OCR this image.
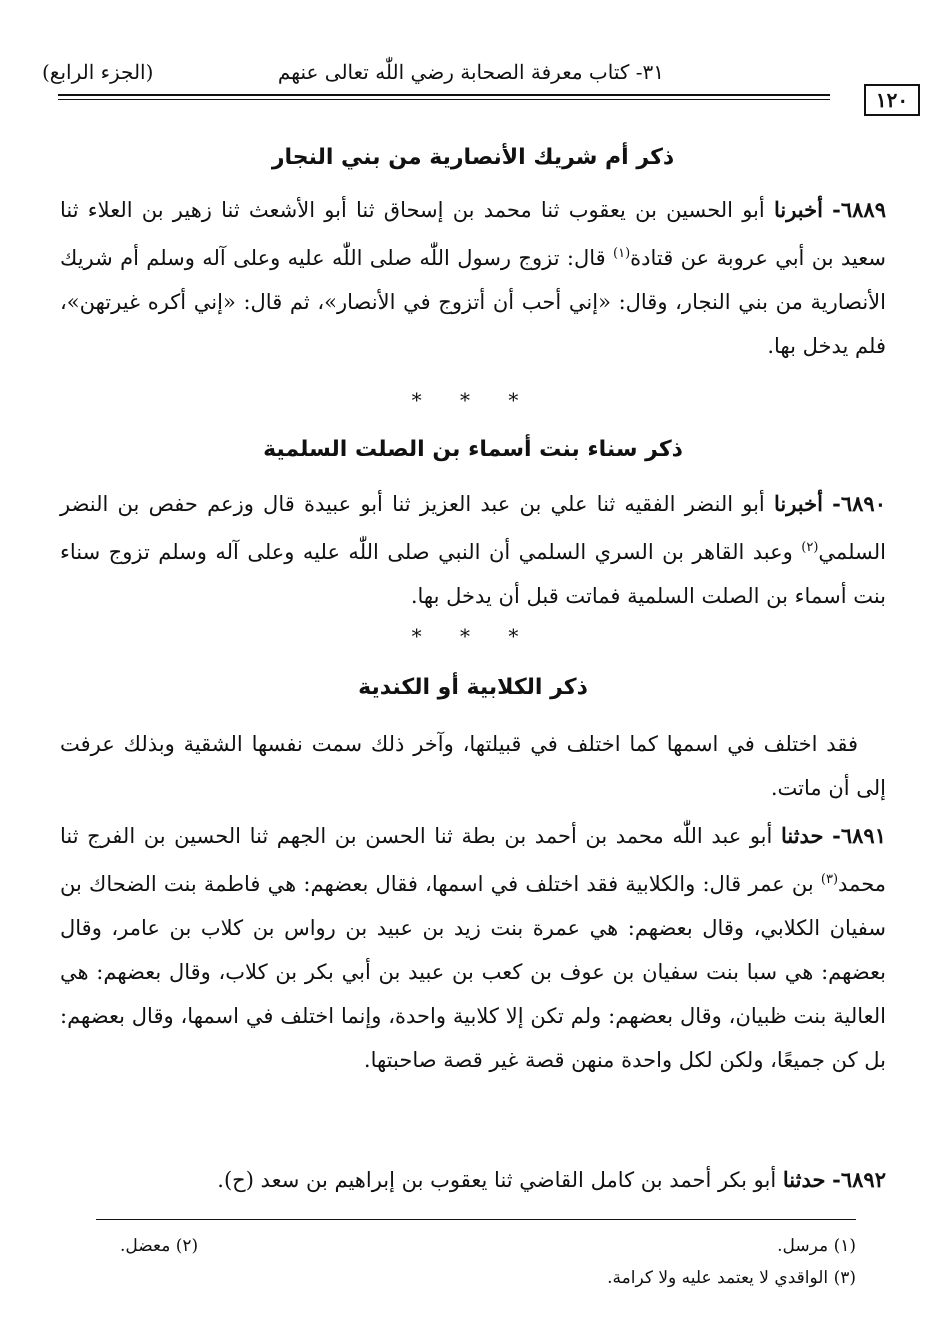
٣١- كتاب معرفة الصحابة رضي اللّٰه تعالى عنهم
(الجزء الرابع)
١٢٠

ذكر أم شريك الأنصارية من بني النجار

٦٨٨٩- أخبرنا أبو الحسين بن يعقوب ثنا محمد بن إسحاق ثنا أبو الأشعث ثنا زهير بن العلاء ثنا سعيد بن أبي عروبة عن قتادة$^{(١)}$ قال: تزوج رسول اللّٰه صلى اللّٰه عليه وعلى آله وسلم أم شريك الأنصارية من بني النجار، وقال: «إني أحب أن أتزوج في الأنصار»، ثم قال: «إني أكره غيرتهن»، فلم يدخل بها.

* * *

ذكر سناء بنت أسماء بن الصلت السلمية

٦٨٩٠- أخبرنا أبو النضر الفقيه ثنا علي بن عبد العزيز ثنا أبو عبيدة قال وزعم حفص بن النضر السلمي$^{(٢)}$ وعبد القاهر بن السري السلمي أن النبي صلى اللّٰه عليه وعلى آله وسلم تزوج سناء بنت أسماء بن الصلت السلمية فماتت قبل أن يدخل بها.

* * *

ذكر الكلابية أو الكندية

فقد اختلف في اسمها كما اختلف في قبيلتها، وآخر ذلك سمت نفسها الشقية وبذلك عرفت إلى أن ماتت.

٦٨٩١- حدثنا أبو عبد اللّٰه محمد بن أحمد بن بطة ثنا الحسن بن الجهم ثنا الحسين بن الفرج ثنا محمد$^{(٣)}$ بن عمر قال: والكلابية فقد اختلف في اسمها، فقال بعضهم: هي فاطمة بنت الضحاك بن سفيان الكلابي، وقال بعضهم: هي عمرة بنت زيد بن عبيد بن رواس بن كلاب بن عامر، وقال بعضهم: هي سبا بنت سفيان بن عوف بن كعب بن عبيد بن أبي بكر بن كلاب، وقال بعضهم: هي العالية بنت ظبيان، وقال بعضهم: ولم تكن إلا كلابية واحدة، وإنما اختلف في اسمها، وقال بعضهم: بل كن جميعًا، ولكن لكل واحدة منهن قصة غير قصة صاحبتها.

٦٨٩٢- حدثنا أبو بكر أحمد بن كامل القاضي ثنا يعقوب بن إبراهيم بن سعد (ح).

(١) مرسل.
(٢) معضل.
(٣) الواقدي لا يعتمد عليه ولا كرامة.
